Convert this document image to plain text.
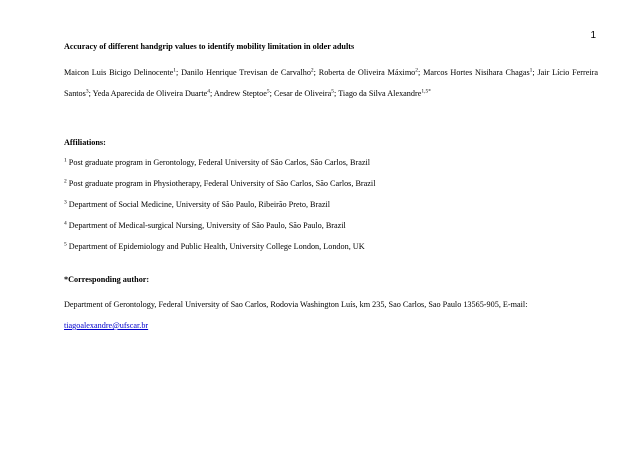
1

Accuracy of different handgrip values to identify mobility limitation in older adults

Maicon Luis Bicigo Delinocente$^1$; Danilo Henrique Trevisan de Carvalho$^2$; Roberta de Oliveira Máximo$^2$; Marcos Hortes Nisihara Chagas$^1$; Jair Lício Ferreira Santos$^3$; Yeda Aparecida de Oliveira Duarte$^4$; Andrew Steptoe$^5$; Cesar de Oliveira$^5$; Tiago da Silva Alexandre$^{1,5*}$

Affiliations:

$^1$ Post graduate program in Gerontology, Federal University of São Carlos, São Carlos, Brazil

$^2$ Post graduate program in Physiotherapy, Federal University of São Carlos, São Carlos, Brazil

$^3$ Department of Social Medicine, University of São Paulo, Ribeirão Preto, Brazil

$^4$ Department of Medical-surgical Nursing, University of São Paulo, São Paulo, Brazil

$^5$ Department of Epidemiology and Public Health, University College London, London, UK

*Corresponding author:

Department of Gerontology, Federal University of Sao Carlos, Rodovia Washington Luís, km 235, Sao Carlos, Sao Paulo 13565-905, E-mail: tiagoalexandre@ufscar.br
